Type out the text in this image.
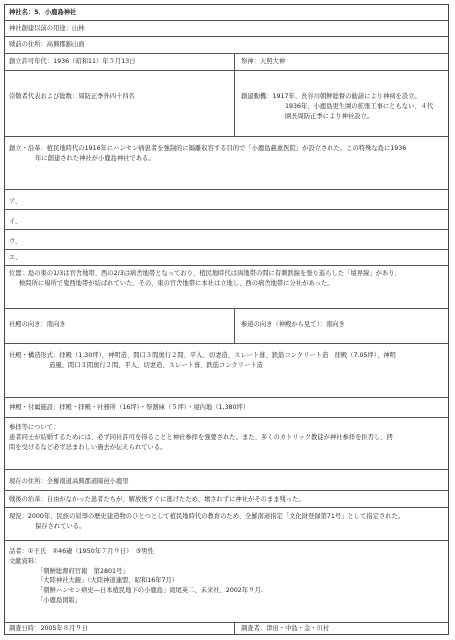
神社名：5．小鹿島神社
神社創建以前の用途：山林
戦前の住所：高興郡錦山面
創立許可年代：1936（昭和11）年５月13日	祭神：天照大神
崇敬者代表および総数：周防正季外四十四名	創建動機：1917年、長谷川朝鮮総督の勧請により神祠を設立。
1936年、小鹿島更生園の拡張工事にともない、４代
園長周防正季により神社設立。
創立・沿革：植民地時代の1916年にハンセン病患者を強制的に隔離収容する目的で「小鹿島慈恵医院」が設立された。この特殊な島に1936
年に創建された神社が小鹿島神社である。
ア、
イ、
ウ、
エ、
位置：島の東の1/3は官舎地帯、西の2/3は病舎地帯となっており、植民地時代は両地帯の間に有刺鉄線を張り巡らした「境界線」があり、
検問所に場所で鬼西地帯が結ばれていた。その、東の官舎地帯に本社は立地し、西の病舎地帯に分社があった。
社殿の向き：南向き	参道の向き（神殿から見て）：南向き
社殿・構造形式：拝殿（1.30坪）、神明造、間口３間奥行２間、平入、切妻造、スレート葺、鉄筋コンクリート造　拝殿（7.05坪）、神明
造風、間口３間奥行２間、平入、切妻造、スレート葺、鉄筋コンクリート造
神殿・付属施設：拝殿・拝殿・社務所（16坪）・祭器庫（５坪）・境内地（1,380坪）
参拝等について：
患者同士が結婚するためには、必ず同社許可を得ることと神社参拝を強要された。また、多くのカトリック教徒が神社参拝を拒否し、拷
問を受けるなど必ず忌まわしい過去が伝えられている。
現在の住所：全羅南道高興郡道陽邑小鹿里
戦後の治革：自由がなかった患者たちが、解放後すぐに逃げたため、壊されずに神社がそのまま残った。
現況：2000年、民族の屈辱の歴史建造物のひとつとして植民地時代の教育のため、全羅南道指定「文化財登録第71号」として指定された。
保存されている。
話者：①王氏　②46歳（1950年７月９日）　③男性
文献資料：
「朝鮮総督府官報　第2801号」
「大陸神社大観」（大陸神道連盟、昭和16年7月）
「朝鮮ハンセン病史―日本植民地下の小鹿島」滝尾英二、未来社、2002年９月.
「小鹿島図版」
調査日時：2005年８月９日	調査者：津田・中島・金・川村
